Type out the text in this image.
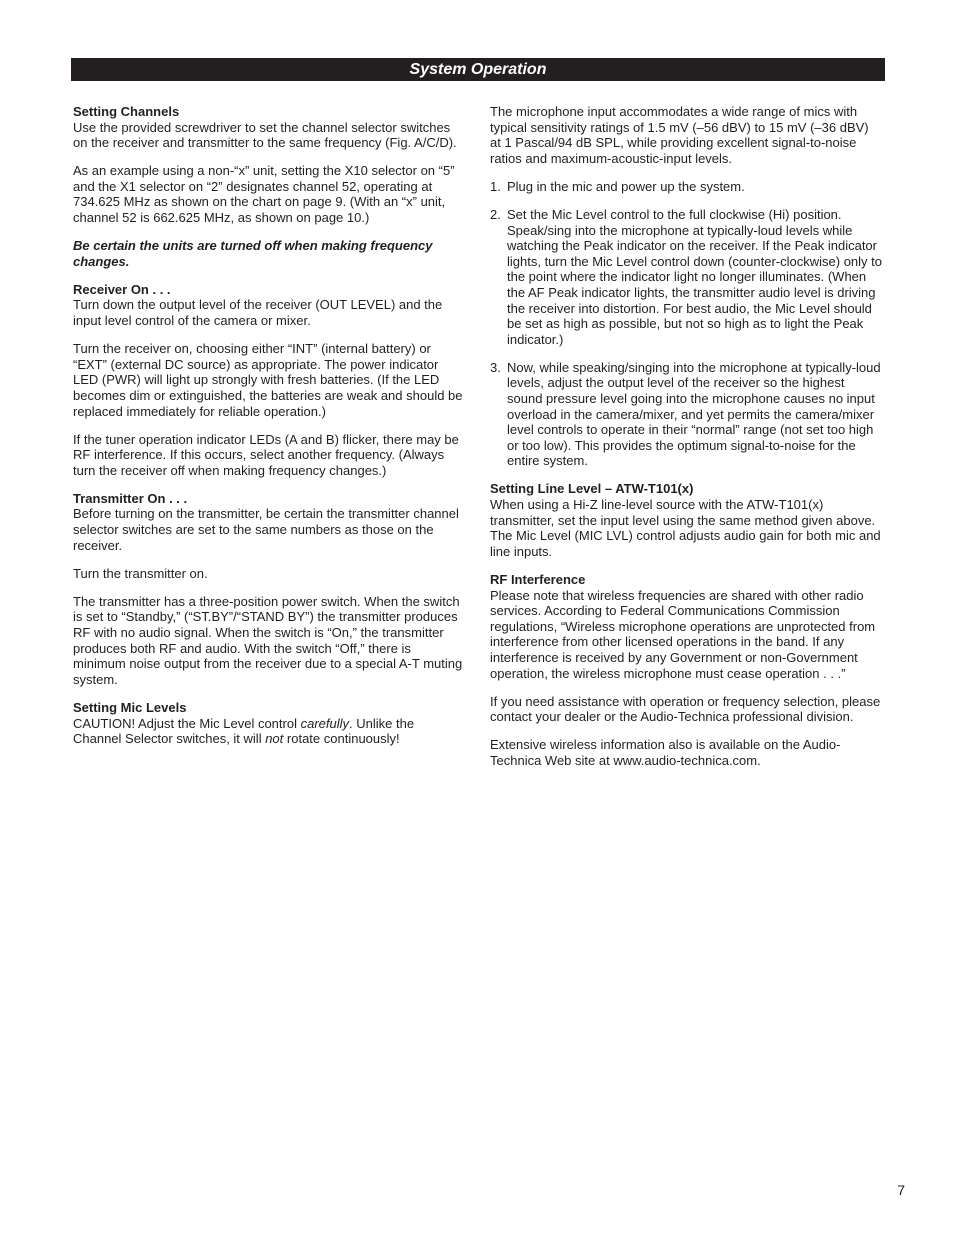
System Operation
Setting Channels

Use the provided screwdriver to set the channel selector switches on the receiver and transmitter to the same frequency (Fig. A/C/D).

As an example using a non-“x” unit, setting the X10 selector on “5” and the X1 selector on “2” designates channel 52, operating at 734.625 MHz as shown on the chart on page 9. (With an “x” unit, channel 52 is 662.625 MHz, as shown on page 10.)

Be certain the units are turned off when making frequency changes.

Receiver On . . .

Turn down the output level of the receiver (OUT LEVEL) and the input level control of the camera or mixer.

Turn the receiver on, choosing either “INT” (internal battery) or “EXT” (external DC source) as appropriate. The power indicator LED (PWR) will light up strongly with fresh batteries. (If the LED becomes dim or extinguished, the batteries are weak and should be replaced immediately for reliable operation.)

If the tuner operation indicator LEDs (A and B) flicker, there may be RF interference. If this occurs, select another frequency. (Always turn the receiver off when making frequency changes.)

Transmitter On . . .

Before turning on the transmitter, be certain the transmitter channel selector switches are set to the same numbers as those on the receiver.

Turn the transmitter on.

The transmitter has a three-position power switch. When the switch is set to “Standby,” (“ST.BY”/“STAND BY”) the transmitter produces RF with no audio signal. When the switch is “On,” the transmitter produces both RF and audio. With the switch “Off,” there is minimum noise output from the receiver due to a special A-T muting system.

Setting Mic Levels

CAUTION! Adjust the Mic Level control carefully. Unlike the Channel Selector switches, it will not rotate continuously!

The microphone input accommodates a wide range of mics with typical sensitivity ratings of 1.5 mV (–56 dBV) to 15 mV (–36 dBV) at 1 Pascal/94 dB SPL, while providing excellent signal-to-noise ratios and maximum-acoustic-input levels.

1. Plug in the mic and power up the system.
2. Set the Mic Level control to the full clockwise (Hi) position. Speak/sing into the microphone at typically-loud levels while watching the Peak indicator on the receiver. If the Peak indicator lights, turn the Mic Level control down (counter-clockwise) only to the point where the indicator light no longer illuminates. (When the AF Peak indicator lights, the transmitter audio level is driving the receiver into distortion. For best audio, the Mic Level should be set as high as possible, but not so high as to light the Peak indicator.)
3. Now, while speaking/singing into the microphone at typically-loud levels, adjust the output level of the receiver so the highest sound pressure level going into the microphone causes no input overload in the camera/mixer, and yet permits the camera/mixer level controls to operate in their “normal” range (not set too high or too low). This provides the optimum signal-to-noise for the entire system.
Setting Line Level – ATW-T101(x)

When using a Hi-Z line-level source with the ATW-T101(x) transmitter, set the input level using the same method given above. The Mic Level (MIC LVL) control adjusts audio gain for both mic and line inputs.

RF Interference

Please note that wireless frequencies are shared with other radio services. According to Federal Communications Commission regulations, “Wireless microphone operations are unprotected from interference from other licensed operations in the band. If any interference is received by any Government or non-Government operation, the wireless microphone must cease operation . . .”

If you need assistance with operation or frequency selection, please contact your dealer or the Audio-Technica professional division.

Extensive wireless information also is available on the Audio-Technica Web site at www.audio-technica.com.

7
